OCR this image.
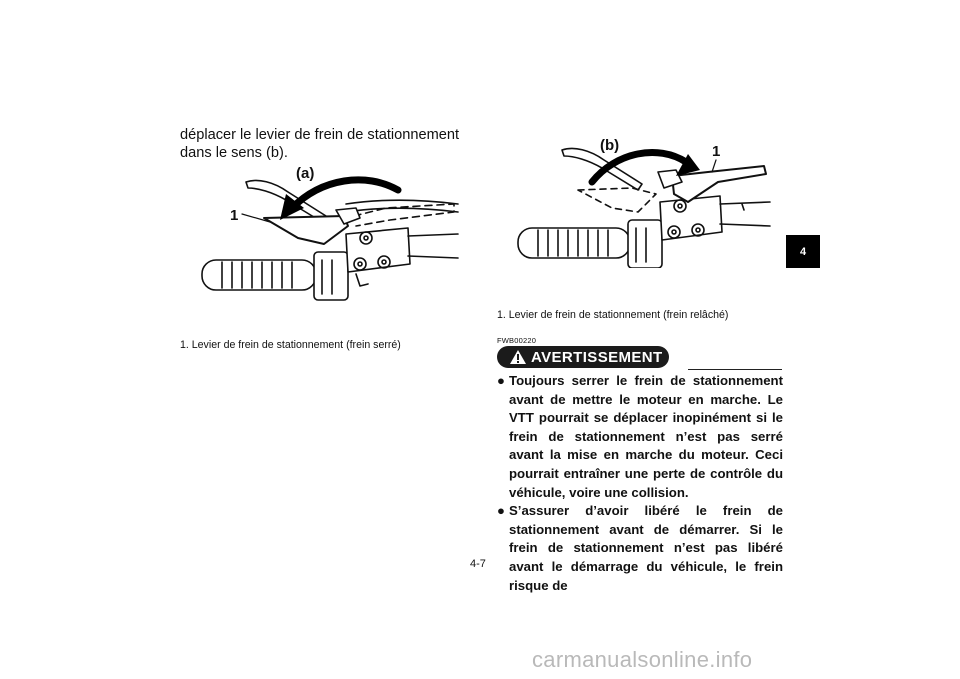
déplacer le levier de frein de stationnement dans le sens (b).
(a)
1
1. Levier de frein de stationnement (frein serré)
(b)	1
1. Levier de frein de stationnement (frein relâché)
FWB00220
AVERTISSEMENT
● Toujours serrer le frein de stationnement avant de mettre le moteur en marche. Le VTT pourrait se déplacer inopinément si le frein de stationnement n’est pas serré avant la mise en marche du moteur. Ceci pourrait entraîner une perte de contrôle du véhicule, voire une collision.
● S’assurer d’avoir libéré le frein de stationnement avant de démarrer. Si le frein de stationnement n’est pas libéré avant le démarrage du véhicule, le frein risque de
4
4-7
carmanualsonline.info
